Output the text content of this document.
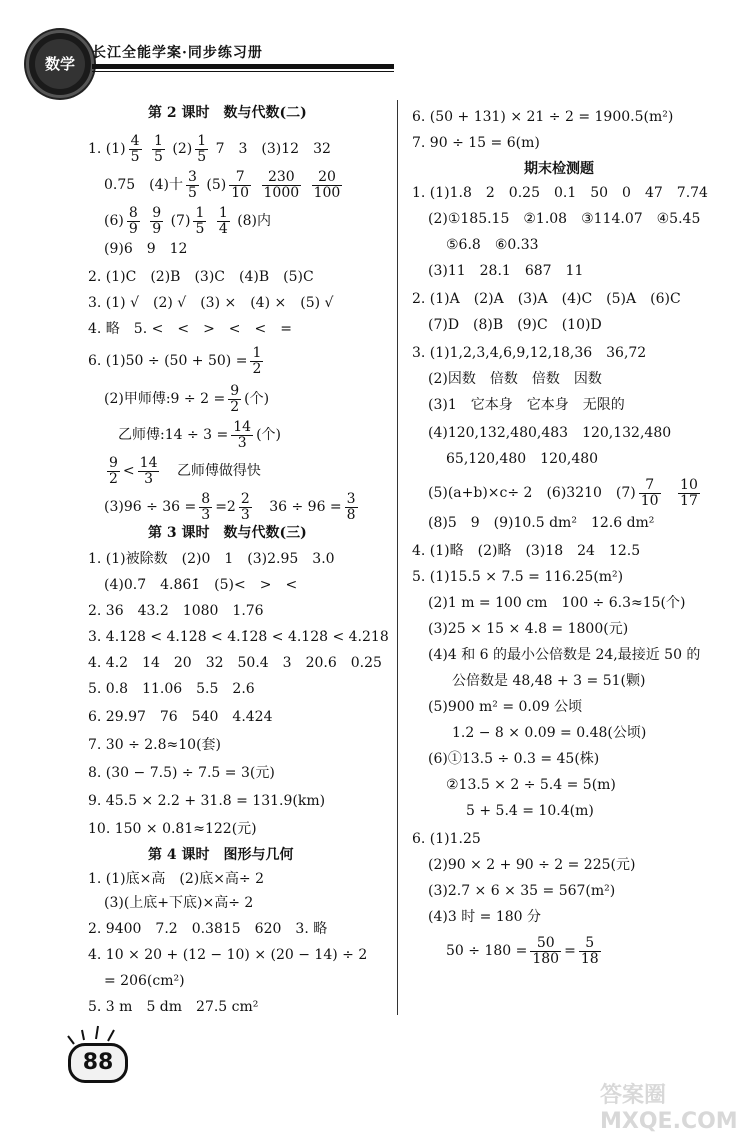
数学
长江全能学案·同步练习册
第 2 课时　数与代数(二)
1. $(1) \frac{4}{5}$
$\frac{1}{5} (2) \frac{1}{5} 7$　3　(3)12　32
0.75　(4)十 $\frac{3}{5} (5) \frac{7}{10}$
$\frac{230}{1000}$
$\frac{20}{100}$
$(6) \frac{8}{9}$
$\frac{9}{9} (7) \frac{1}{5}$
$\frac{1}{4} (8)$内
(9)6　9　12
2. (1)C　(2)B　(3)C　(4)B　(5)C
3. (1) √　(2) √　(3) ×　(4) ×　(5) √
4. 略　5. <　<　>　<　<　=
6. $(1)50 \div (50 + 50) = \frac{1}{2}$
(2)甲师傅:9 ÷ $2 = \frac{9}{2}$ (个)
乙师傅:14 ÷ $3 = \frac{14}{3}$ (个)
$\frac{9}{2} < \frac{14}{3}$ 乙师傅做得快
$(3)96 \div 36 = \frac{8}{3} =2 \frac{2}{3} 36 \div 96 = \frac{3}{8}$
第 3 课时　数与代数(三)
1. (1)被除数　(2)0　1　(3)2.95　3.0
(4)0.7̇　4.86̇1̇　(5)<　>　<
2. 36　43.2　1080　1.76
3. 4.128 < 4.12̇8̇ < 4.1̇28̇ < 4.128̇ < 4.218
4. 4.2　14　20　32　50.4　3　20.6　0.25
5. 0.8　11.06　5.5̇　2.6
6. 29.97　76　540　4.424
7. 30 ÷ 2.8≈10(套)
8. (30 − 7.5) ÷ 7.5 = 3(元)
9. 45.5 × 2.2 + 31.8 = 131.9(km)
10. 150 × 0.81≈122(元)
第 4 课时　图形与几何
1. (1)底×高　(2)底×高÷ 2
(3)(上底+下底)×高÷ 2
2. 9400　7.2　0.3815　620　3. 略
4. 10 × 20 + (12 − 10) × (20 − 14) ÷ 2
= 206(cm²)
5. 3 m　5 dm　27.5 cm²
6. (50 + 131) × 21 ÷ 2 = 1900.5(m²)
7. 90 ÷ 15 = 6(m)
期末检测题
1. (1)1.8　2　0.25　0.1　50　0　47　7.74
(2)①185.15　②1.08　③114.07　④5.4̇5̇
⑤6.8　⑥0.33
(3)11　28.1　687　11
2. (1)A　(2)A　(3)A　(4)C　(5)A　(6)C
(7)D　(8)B　(9)C　(10)D
3. (1)1,2,3,4,6,9,12,18,36　36,72
(2)因数　倍数　倍数　因数
(3)1　它本身　它本身　无限的
(4)120,132,480,483　120,132,480
65,120,480　120,480
(5)(a+b)×c÷ 2　(6)3210　$(7) \frac{7}{10}$
$\frac{10}{17}$
(8)5　9　(9)10.5 dm²　12.6 dm²
4. (1)略　(2)略　(3)18　24　12.5
5. (1)15.5 × 7.5 = 116.25(m²)
(2)1 m = 100 cm　100 ÷ 6.3≈15(个)
(3)25 × 15 × 4.8 = 1800(元)
(4)4 和 6 的最小公倍数是 24,最接近 50 的
公倍数是 48,48 + 3 = 51(颗)
(5)900 m² = 0.09 公顷
1.2 − 8 × 0.09 = 0.48(公顷)
(6)①13.5 ÷ 0.3 = 45(株)
②13.5 × 2 ÷ 5.4 = 5(m)
5 + 5.4 = 10.4(m)
6. (1)1.25
(2)90 × 2 + 90 ÷ 2 = 225(元)
(3)2.7 × 6 × 35 = 567(m²)
(4)3 时 = 180 分
$50 \div 180 = \frac{50}{180} = \frac{5}{18}$
88
答案圈 MXQE.COM
